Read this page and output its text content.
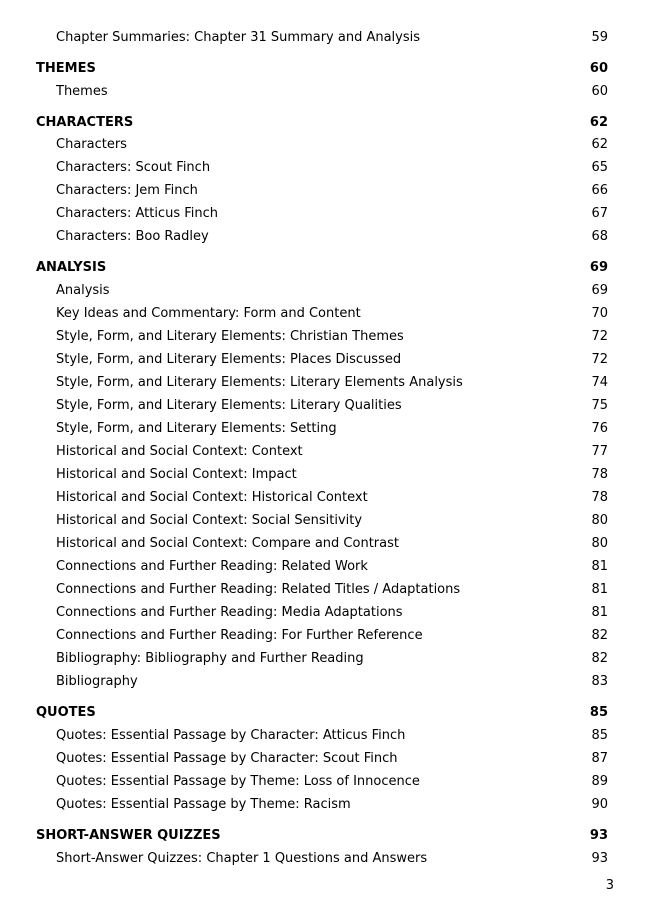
Chapter Summaries: Chapter 31 Summary and Analysis	59
THEMES	60
Themes	60
CHARACTERS	62
Characters	62
Characters: Scout Finch	65
Characters: Jem Finch	66
Characters: Atticus Finch	67
Characters: Boo Radley	68
ANALYSIS	69
Analysis	69
Key Ideas and Commentary: Form and Content	70
Style, Form, and Literary Elements: Christian Themes	72
Style, Form, and Literary Elements: Places Discussed	72
Style, Form, and Literary Elements: Literary Elements Analysis	74
Style, Form, and Literary Elements: Literary Qualities	75
Style, Form, and Literary Elements: Setting	76
Historical and Social Context: Context	77
Historical and Social Context: Impact	78
Historical and Social Context: Historical Context	78
Historical and Social Context: Social Sensitivity	80
Historical and Social Context: Compare and Contrast	80
Connections and Further Reading: Related Work	81
Connections and Further Reading: Related Titles / Adaptations	81
Connections and Further Reading: Media Adaptations	81
Connections and Further Reading: For Further Reference	82
Bibliography: Bibliography and Further Reading	82
Bibliography	83
QUOTES	85
Quotes: Essential Passage by Character: Atticus Finch	85
Quotes: Essential Passage by Character: Scout Finch	87
Quotes: Essential Passage by Theme: Loss of Innocence	89
Quotes: Essential Passage by Theme: Racism	90
SHORT-ANSWER QUIZZES	93
Short-Answer Quizzes: Chapter 1 Questions and Answers	93
3
